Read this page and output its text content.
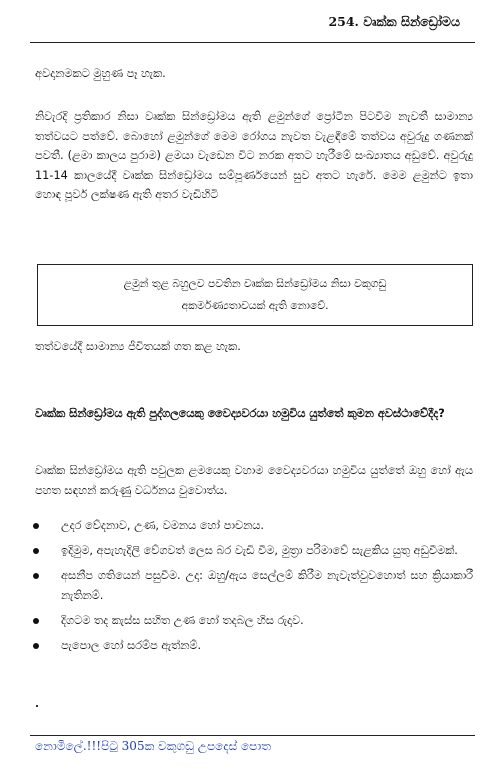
254. වෘක්ක සින්ඩ්‍රෝමය

අවදානමකට මුහුණ පෑ හැක.

නිවැරදි ප්‍රතිකාර නිසා වෘක්ක සින්ඩ්‍රෝමය ඇති ළමුන්ගේ ප්‍රෝටීන පිටවීම නැවතී සාමාන්‍ය තත්වයට පත්වේ. බොහෝ ළමුන්ගේ මෙම රෝගය නැවත වැළඳීමේ තත්වය අවුරුදු ගණනක් පවතී. (ළමා කාලය පුරාම) ළමයා වැඩෙන විට නරක අතට හැරීමේ සංඛ්‍යාතය අඩුවේ. අවුරුදු 11-14 කාලයේදී වෘක්ක සින්ඩ්‍රෝමය සම්පූර්ණයෙන් සුව අතට හැරේ. මෙම ළමුන්ට ඉතා හොඳ පූර්ව ලක්ෂණ ඇති අතර වැඩිහිටි

ළමුන් තුළ බහුලව පවතින වෘක්ක සින්ඩ්‍රෝමය නිසා වකුගඩු
අකර්මණ්‍යතාවයක් ඇති නොවේ.

තත්වයේදී සාමාන්‍ය ජීවිතයක් ගත කළ හැක.

වෘක්ක සින්ඩ්‍රෝමය ඇති පුද්ගලයෙකු වෛද්‍යවරයා හමුවිය යුත්තේ කුමන අවස්ථාවේදීද?

වෘක්ක සින්ඩ්‍රෝමය ඇති පවුලක ළමයෙකු වහාම වෛද්‍යවරයා හමුවිය යුත්තේ ඔහු හෝ ඇය පහත සඳහන් කරුණු වර්ධනය වුවොත්ය.

උදර වේදනාව, උණ, වමනය හෝ පාචනය.
ඉදිමුම, අපැහැදිලි වේගවත් ලෙස බර වැඩි වීම, මුත්‍රා පරිමාවේ සැළකිය යුතු අඩුවීමක්.
අසනීප ගතියෙන් පසුවීම. උදා: ඔහු/ඇය සෙල්ලම් කිරීම නැවැත්වුවහොත් සහ ක්‍රියාකාරී නැතිනම්.
දිගටම තද කැස්ස සහිත උණ හෝ තදබල හිස රුදාව.
පැපොල හෝ සරම්ප ඇත්නම්.
නොමිලේ.!!!පිටු 305ක වකුගඩු උපදෙස් පොත
